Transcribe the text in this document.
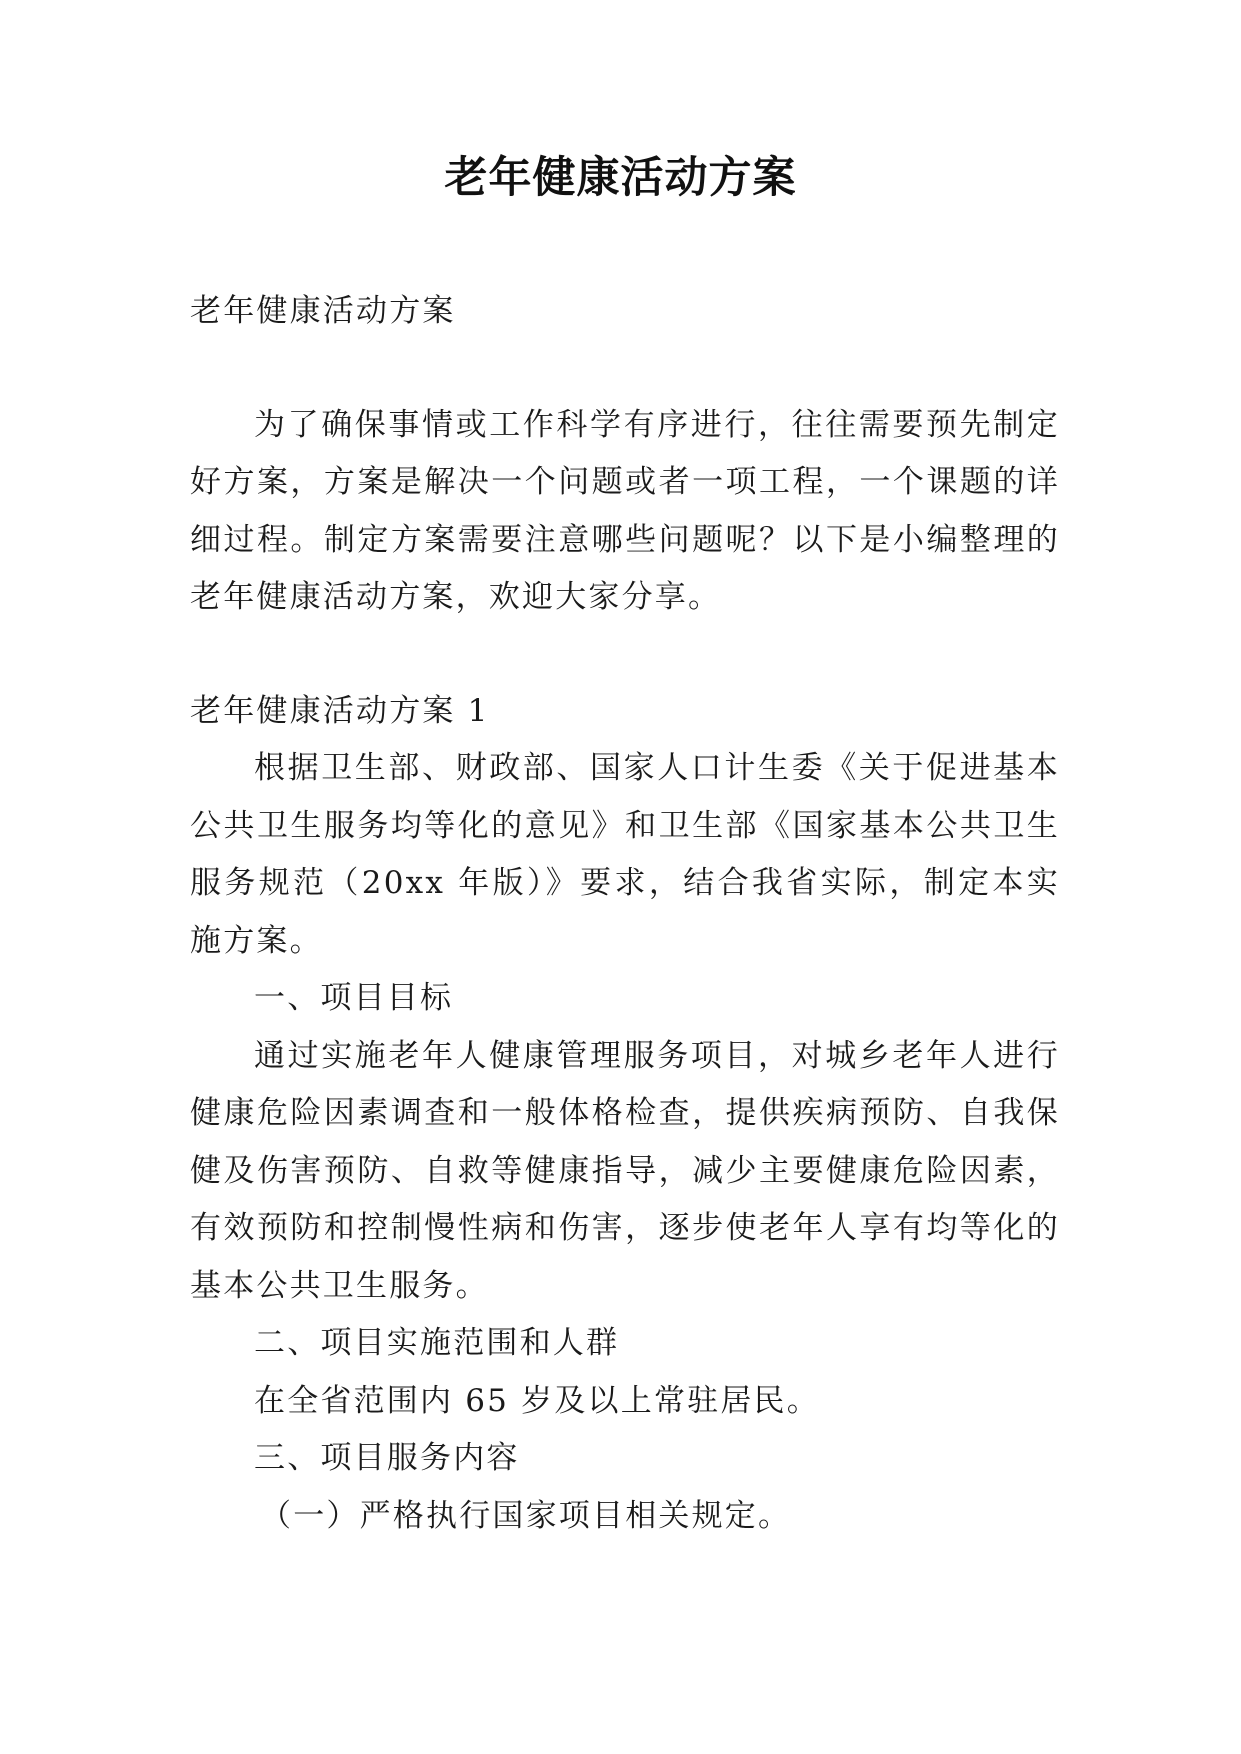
老年健康活动方案

老年健康活动方案

为了确保事情或工作科学有序进行，往往需要预先制定好方案，方案是解决一个问题或者一项工程，一个课题的详细过程。制定方案需要注意哪些问题呢？以下是小编整理的老年健康活动方案，欢迎大家分享。

老年健康活动方案 1

根据卫生部、财政部、国家人口计生委《关于促进基本公共卫生服务均等化的意见》和卫生部《国家基本公共卫生服务规范（20xx 年版）》要求，结合我省实际，制定本实施方案。

一、项目目标

通过实施老年人健康管理服务项目，对城乡老年人进行健康危险因素调查和一般体格检查，提供疾病预防、自我保健及伤害预防、自救等健康指导，减少主要健康危险因素，有效预防和控制慢性病和伤害，逐步使老年人享有均等化的基本公共卫生服务。

二、项目实施范围和人群

在全省范围内 65 岁及以上常驻居民。

三、项目服务内容

（一）严格执行国家项目相关规定。
